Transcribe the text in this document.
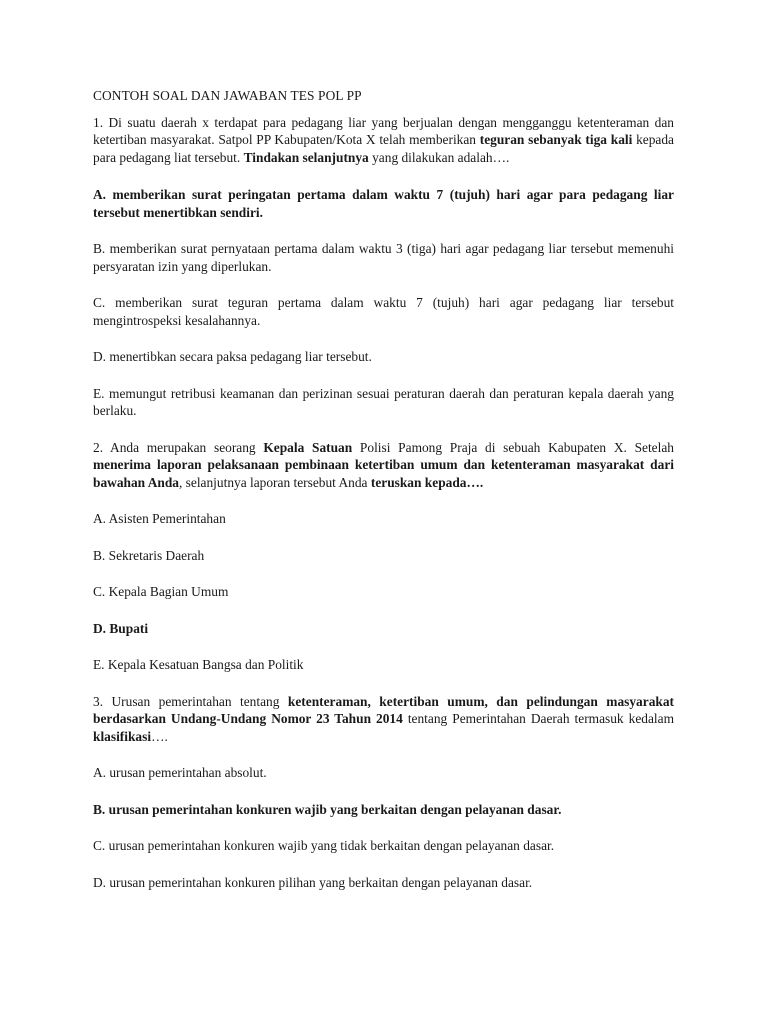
CONTOH SOAL DAN JAWABAN TES POL PP

1. Di suatu daerah x terdapat para pedagang liar yang berjualan dengan mengganggu ketenteraman dan ketertiban masyarakat. Satpol PP Kabupaten/Kota X telah memberikan teguran sebanyak tiga kali kepada para pedagang liat tersebut. Tindakan selanjutnya yang dilakukan adalah….

A. memberikan surat peringatan pertama dalam waktu 7 (tujuh) hari agar para pedagang liar tersebut menertibkan sendiri.

B. memberikan surat pernyataan pertama dalam waktu 3 (tiga) hari agar pedagang liar tersebut memenuhi persyaratan izin yang diperlukan.

C. memberikan surat teguran pertama dalam waktu 7 (tujuh) hari agar pedagang liar tersebut mengintrospeksi kesalahannya.

D. menertibkan secara paksa pedagang liar tersebut.

E. memungut retribusi keamanan dan perizinan sesuai peraturan daerah dan peraturan kepala daerah yang berlaku.

2. Anda merupakan seorang Kepala Satuan Polisi Pamong Praja di sebuah Kabupaten X. Setelah menerima laporan pelaksanaan pembinaan ketertiban umum dan ketenteraman masyarakat dari bawahan Anda, selanjutnya laporan tersebut Anda teruskan kepada….

A. Asisten Pemerintahan

B. Sekretaris Daerah

C. Kepala Bagian Umum

D. Bupati

E. Kepala Kesatuan Bangsa dan Politik

3. Urusan pemerintahan tentang ketenteraman, ketertiban umum, dan pelindungan masyarakat berdasarkan Undang-Undang Nomor 23 Tahun 2014 tentang Pemerintahan Daerah termasuk kedalam klasifikasi….

A. urusan pemerintahan absolut.

B. urusan pemerintahan konkuren wajib yang berkaitan dengan pelayanan dasar.

C. urusan pemerintahan konkuren wajib yang tidak berkaitan dengan pelayanan dasar.

D. urusan pemerintahan konkuren pilihan yang berkaitan dengan pelayanan dasar.
